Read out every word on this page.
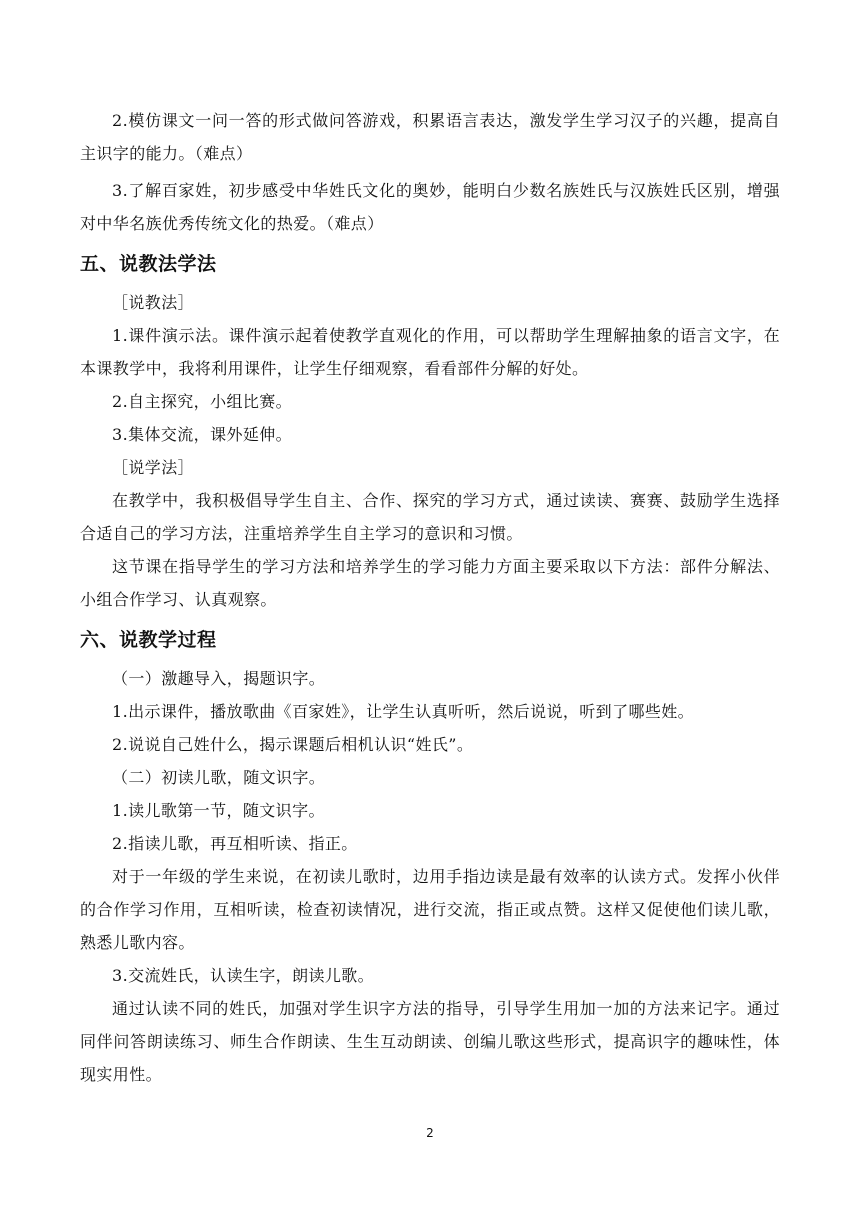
2.模仿课文一问一答的形式做问答游戏，积累语言表达，激发学生学习汉子的兴趣，提高自主识字的能力。（难点）

3.了解百家姓，初步感受中华姓氏文化的奥妙，能明白少数名族姓氏与汉族姓氏区别，增强对中华名族优秀传统文化的热爱。（难点）

五、说教法学法

［说教法］

1.课件演示法。课件演示起着使教学直观化的作用，可以帮助学生理解抽象的语言文字，在本课教学中，我将利用课件，让学生仔细观察，看看部件分解的好处。

2.自主探究，小组比赛。

3.集体交流，课外延伸。

［说学法］

在教学中，我积极倡导学生自主、合作、探究的学习方式，通过读读、赛赛、鼓励学生选择合适自己的学习方法，注重培养学生自主学习的意识和习惯。

这节课在指导学生的学习方法和培养学生的学习能力方面主要采取以下方法：部件分解法、小组合作学习、认真观察。

六、说教学过程

（一）激趣导入，揭题识字。

1.出示课件，播放歌曲《百家姓》，让学生认真听听，然后说说，听到了哪些姓。

2.说说自己姓什么，揭示课题后相机认识“姓氏”。

（二）初读儿歌，随文识字。

1.读儿歌第一节，随文识字。

2.指读儿歌，再互相听读、指正。

对于一年级的学生来说，在初读儿歌时，边用手指边读是最有效率的认读方式。发挥小伙伴的合作学习作用，互相听读，检查初读情况，进行交流，指正或点赞。这样又促使他们读儿歌，熟悉儿歌内容。

3.交流姓氏，认读生字，朗读儿歌。

通过认读不同的姓氏，加强对学生识字方法的指导，引导学生用加一加的方法来记字。通过同伴问答朗读练习、师生合作朗读、生生互动朗读、创编儿歌这些形式，提高识字的趣味性，体现实用性。

2
